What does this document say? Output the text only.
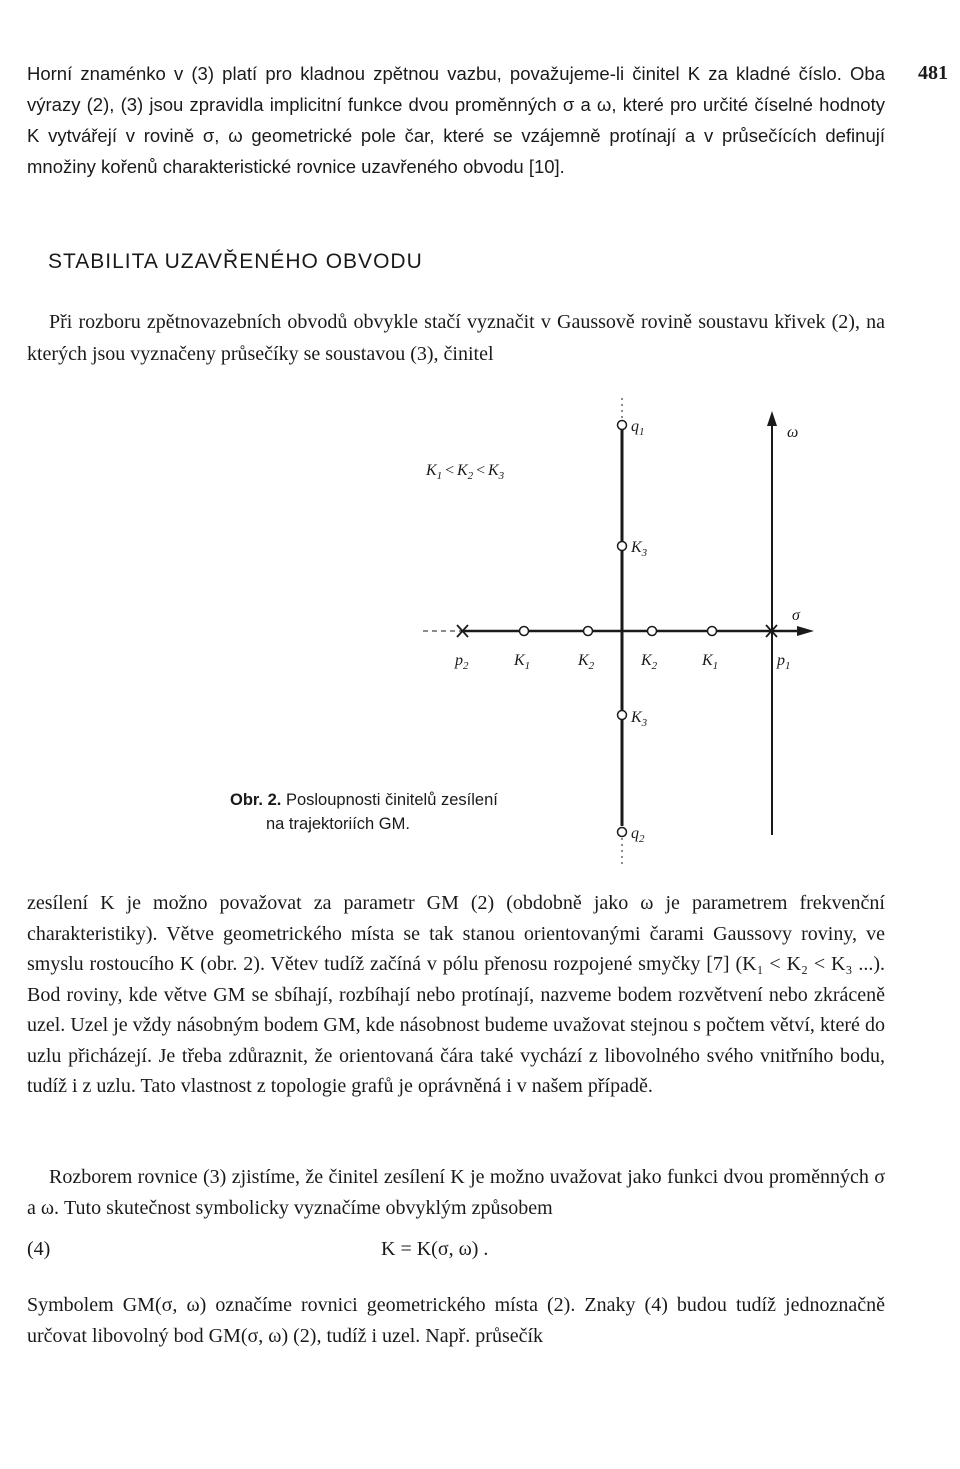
481

Horní znaménko v (3) platí pro kladnou zpětnou vazbu, považujeme-li činitel K za kladné číslo. Oba výrazy (2), (3) jsou zpravidla implicitní funkce dvou proměnných σ a ω, které pro určité číselné hodnoty K vytvářejí v rovině σ, ω geometrické pole čar, které se vzájemně protínají a v průsečících definují množiny kořenů charakteristické rovnice uzavřeného obvodu [10].

STABILITA UZAVŘENÉHO OBVODU

Při rozboru zpětnovazebních obvodů obvykle stačí vyznačit v Gaussově rovině soustavu křivek (2), na kterých jsou vyznačeny průsečíky se soustavou (3), činitel

$q_1$	ω
$K_1 < K_2 < K_3$
$K_3$
σ
$p_2$	$K_1$	$K_2$	$K_2$	$K_1$	$p_1$
$K_3$
$q_2$
Obr. 2. Posloupnosti činitelů zesílení
na trajektoriích GM.

zesílení K je možno považovat za parametr GM (2) (obdobně jako ω je parametrem frekvenční charakteristiky). Větve geometrického místa se tak stanou orientovanými čarami Gaussovy roviny, ve smyslu rostoucího K (obr. 2). Větev tudíž začíná v pólu přenosu rozpojené smyčky [7] (K₁ < K₂ < K₃ ...). Bod roviny, kde větve GM se sbíhají, rozbíhají nebo protínají, nazveme bodem rozvětvení nebo zkráceně uzel. Uzel je vždy násobným bodem GM, kde násobnost budeme uvažovat stejnou s počtem větví, které do uzlu přicházejí. Je třeba zdůraznit, že orientovaná čára také vychází z libovolného svého vnitřního bodu, tudíž i z uzlu. Tato vlastnost z topologie grafů je oprávněná i v našem případě.

Rozborem rovnice (3) zjistíme, že činitel zesílení K je možno uvažovat jako funkci dvou proměnných σ a ω. Tuto skutečnost symbolicky vyznačíme obvyklým způsobem

(4)	K = K(σ, ω) .

Symbolem GM(σ, ω) označíme rovnici geometrického místa (2). Znaky (4) budou tudíž jednoznačně určovat libovolný bod GM(σ, ω) (2), tudíž i uzel. Např. průsečík
